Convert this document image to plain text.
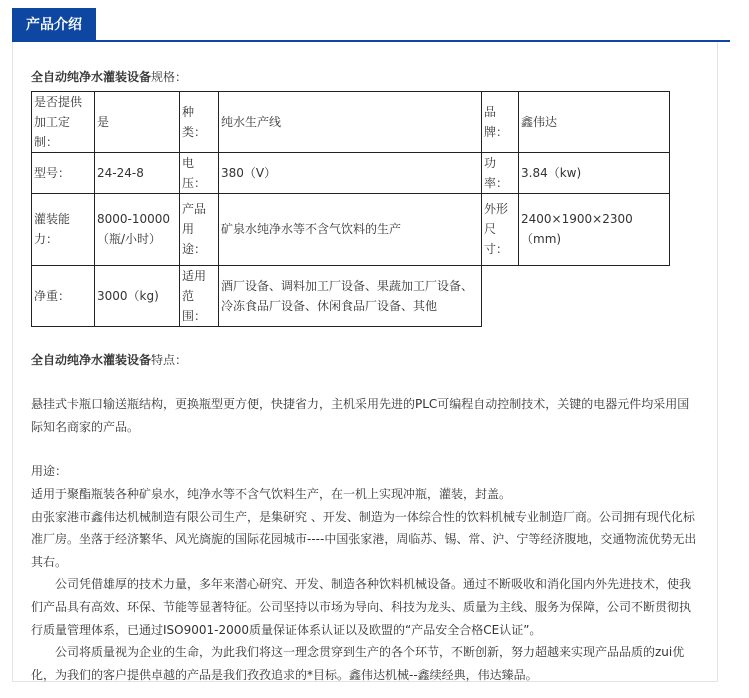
产品介绍
全自动纯净水灌装设备规格：
是否提供加工定制：	是	种类：	纯水生产线	品牌：	鑫伟达
型号：	24-24-8	电压：	380（V）	功率：	3.84（kw)
灌装能力：	8000-10000（瓶/小时）	产品用途：	矿泉水纯净水等不含气饮料的生产	外形尺寸：	2400×1900×2300（mm)
净重：	3000（kg)	适用范围：	酒厂设备、调料加工厂设备、果蔬加工厂设备、冷冻食品厂设备、休闲食品厂设备、其他		
全自动纯净水灌装设备特点：

悬挂式卡瓶口输送瓶结构，更换瓶型更方便，快捷省力，主机采用先进的PLC可编程自动控制技术，关键的电器元件均采用国际知名商家的产品。

用途：

适用于聚酯瓶装各种矿泉水，纯净水等不含气饮料生产，在一机上实现冲瓶，灌装，封盖。

由张家港市鑫伟达机械制造有限公司生产，是集研究 、开发、制造为一体综合性的饮料机械专业制造厂商。公司拥有现代化标准厂房。坐落于经济繁华、风光旖旎的国际花园城市----中国张家港，周临苏、锡、常、沪、宁等经济腹地，交通物流优势无出其右。

公司凭借雄厚的技术力量，多年来潜心研究、开发、制造各种饮料机械设备。通过不断吸收和消化国内外先进技术，使我们产品具有高效、环保、节能等显著特征。公司坚持以市场为导向、科技为龙头、质量为主线、服务为保障，公司不断贯彻执行质量管理体系，已通过ISO9001-2000质量保证体系认证以及欧盟的“产品安全合格CE认证”。

公司将质量视为企业的生命，为此我们将这一理念贯穿到生产的各个环节，不断创新，努力超越来实现产品品质的zui优化，为我们的客户提供卓越的产品是我们孜孜追求的*目标。鑫伟达机械--鑫续经典，伟达臻品。
